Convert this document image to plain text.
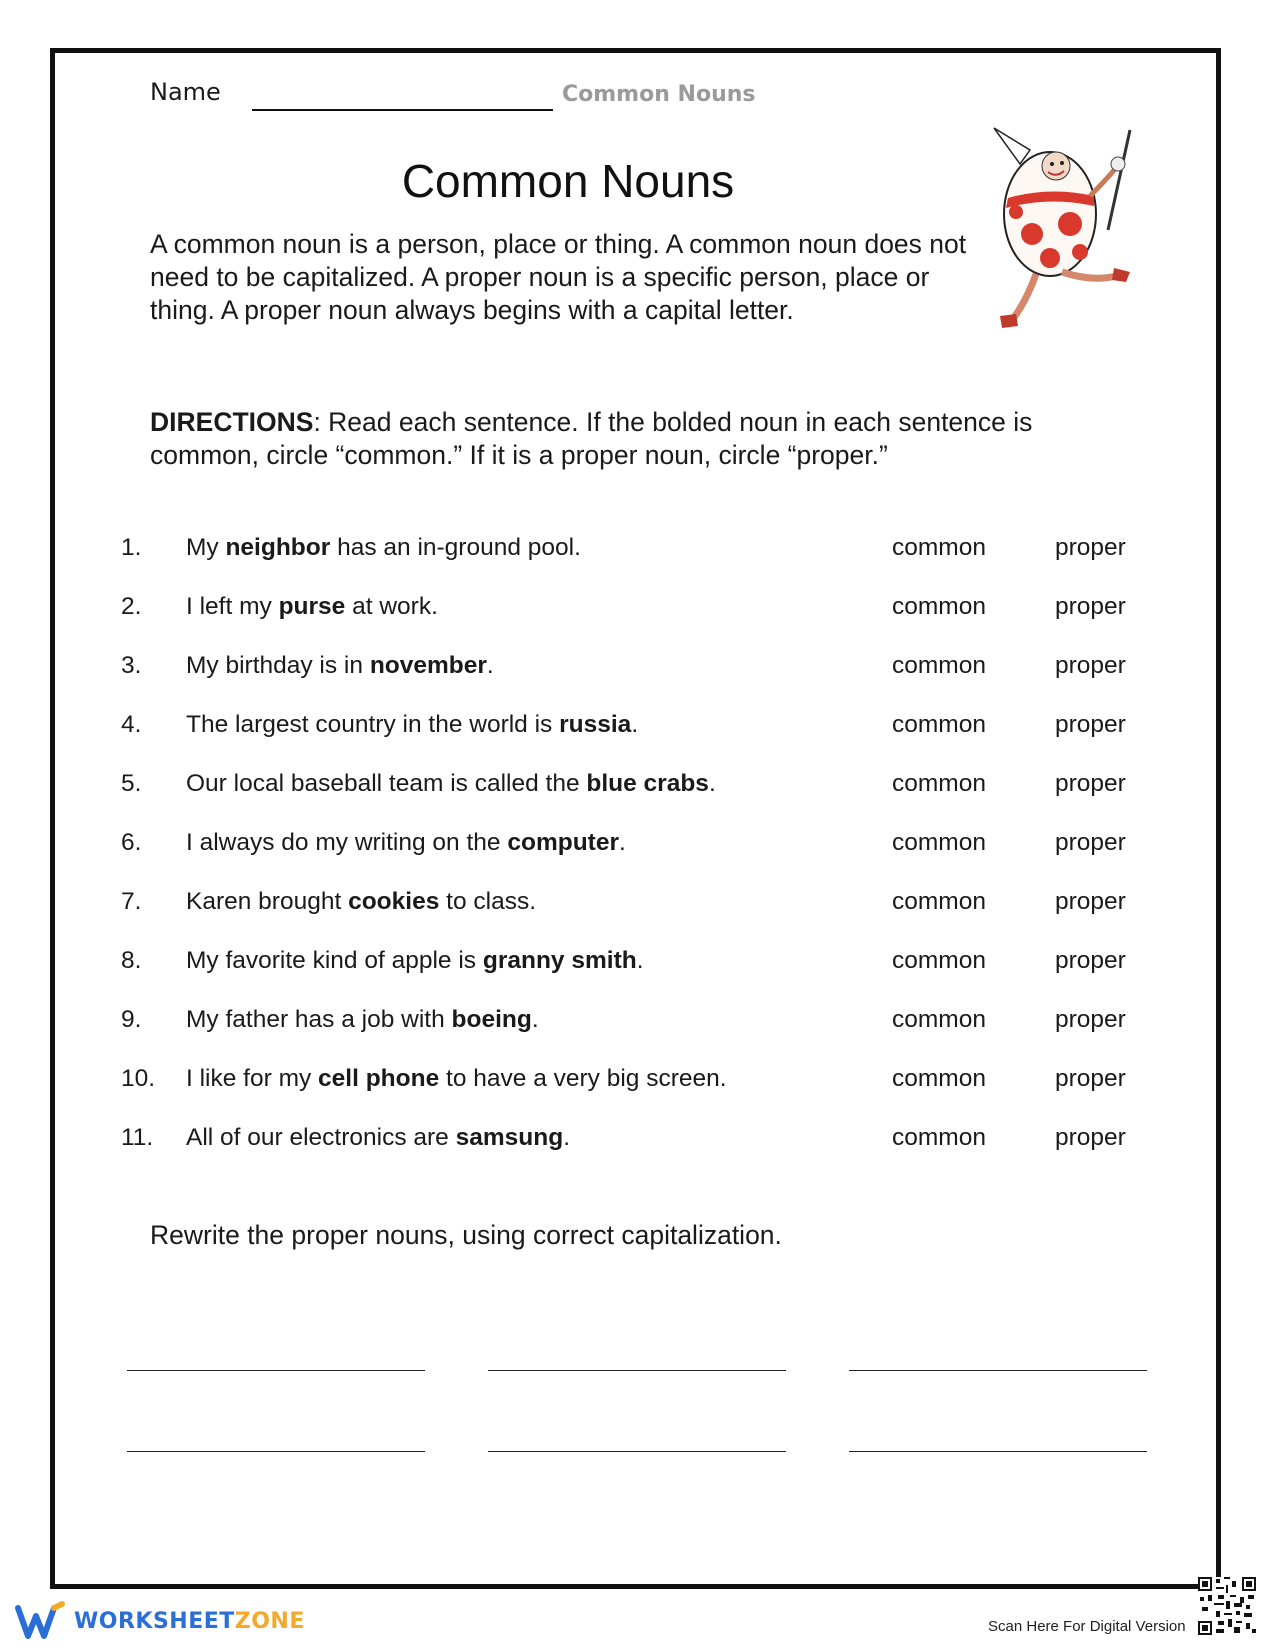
Name	Common Nouns
Common Nouns
A common noun is a person, place or thing. A common noun does not need to be capitalized. A proper noun is a specific person, place or thing. A proper noun always begins with a capital letter.
DIRECTIONS: Read each sentence. If the bolded noun in each sentence is common, circle “common.” If it is a proper noun, circle “proper.”
1. My neighbor has an in-ground pool.	common	proper
2. I left my purse at work.	common	proper
3. My birthday is in november.	common	proper
4. The largest country in the world is russia.	common	proper
5. Our local baseball team is called the blue crabs.	common	proper
6. I always do my writing on the computer.	common	proper
7. Karen brought cookies to class.	common	proper
8. My favorite kind of apple is granny smith.	common	proper
9. My father has a job with boeing.	common	proper
10. I like for my cell phone to have a very big screen.	common	proper
11. All of our electronics are samsung.	common	proper
Rewrite the proper nouns, using correct capitalization.
WORKSHEETZONE	Scan Here For Digital Version
